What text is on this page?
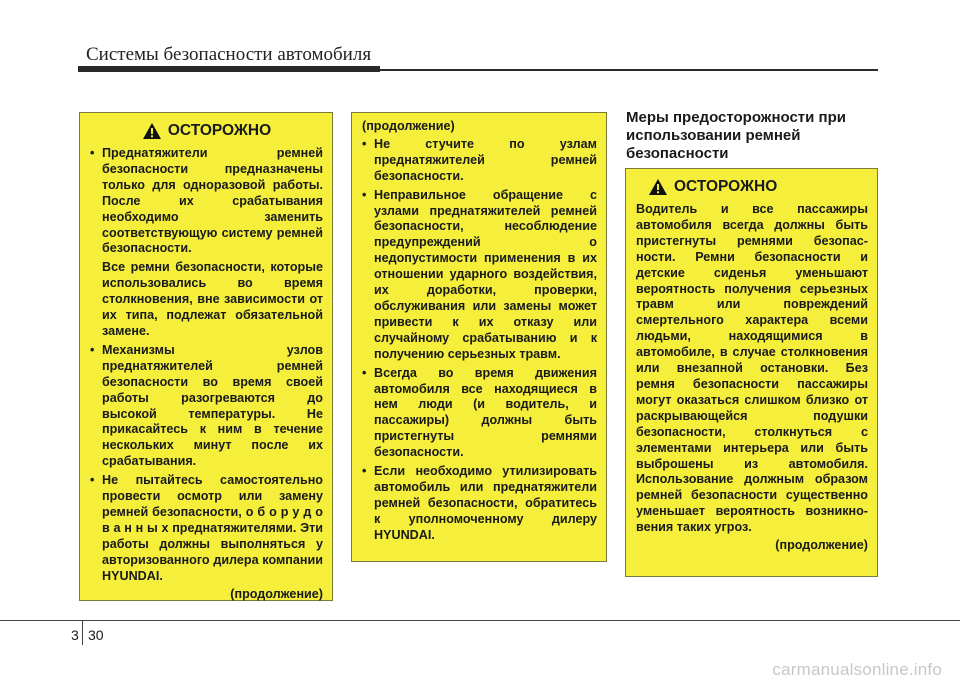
Системы безопасности автомобиля
ОСТОРОЖНО
• Преднатяжители ремней безопасности предназначены только для одноразовой работы. После их срабатывания необходимо заменить соответствующую систему ремней безопасности.
Все ремни безопасности, которые использовались во время столкновения, вне зависимости от их типа, подлежат обязательной замене.
• Механизмы узлов преднатяжителей ремней безопасности во время своей работы разогреваются до высокой температуры. Не прикасайтесь к ним в течение нескольких минут после их срабатывания.
• Не пытайтесь самостоятельно провести осмотр или замену ремней безопасности, о б о р у д о в а н н ы х преднатяжителями. Эти работы должны выполняться у авторизованного дилера компании HYUNDAI.
(продолжение)
(продолжение)
• Не стучите по узлам преднатяжителей ремней безопасности.
• Неправильное обращение с узлами преднатяжителей ремней безопасности, несоблюдение предупреждений о недопустимости применения в их отношении ударного воздействия, их доработки, проверки, обслуживания или замены может привести к их отказу или случайному срабатыванию и к получению серьезных травм.
• Всегда во время движения автомобиля все находящиеся в нем люди (и водитель, и пассажиры) должны быть пристегнуты ремнями безопасности.
• Если необходимо утилизировать автомобиль или преднатяжители ремней безопасности, обратитесь к уполномоченному дилеру HYUNDAI.
Меры предосторожности при использовании ремней безопасности
ОСТОРОЖНО
Водитель и все пассажиры автомобиля всегда должны быть пристегнуты ремнями безопас-ности. Ремни безопасности и детские сиденья уменьшают вероятность получения серьезных травм или повреждений смертельного характера всеми людьми, находящимися в автомобиле, в случае столкновения или внезапной остановки. Без ремня безопасности пассажиры могут оказаться слишком близко от раскрывающейся подушки безопасности, столкнуться с элементами интерьера или быть выброшены из автомобиля. Использование должным образом ремней безопасности существенно уменьшает вероятность возникно-вения таких угроз.
(продолжение)
3 30
carmanualsonline.info
